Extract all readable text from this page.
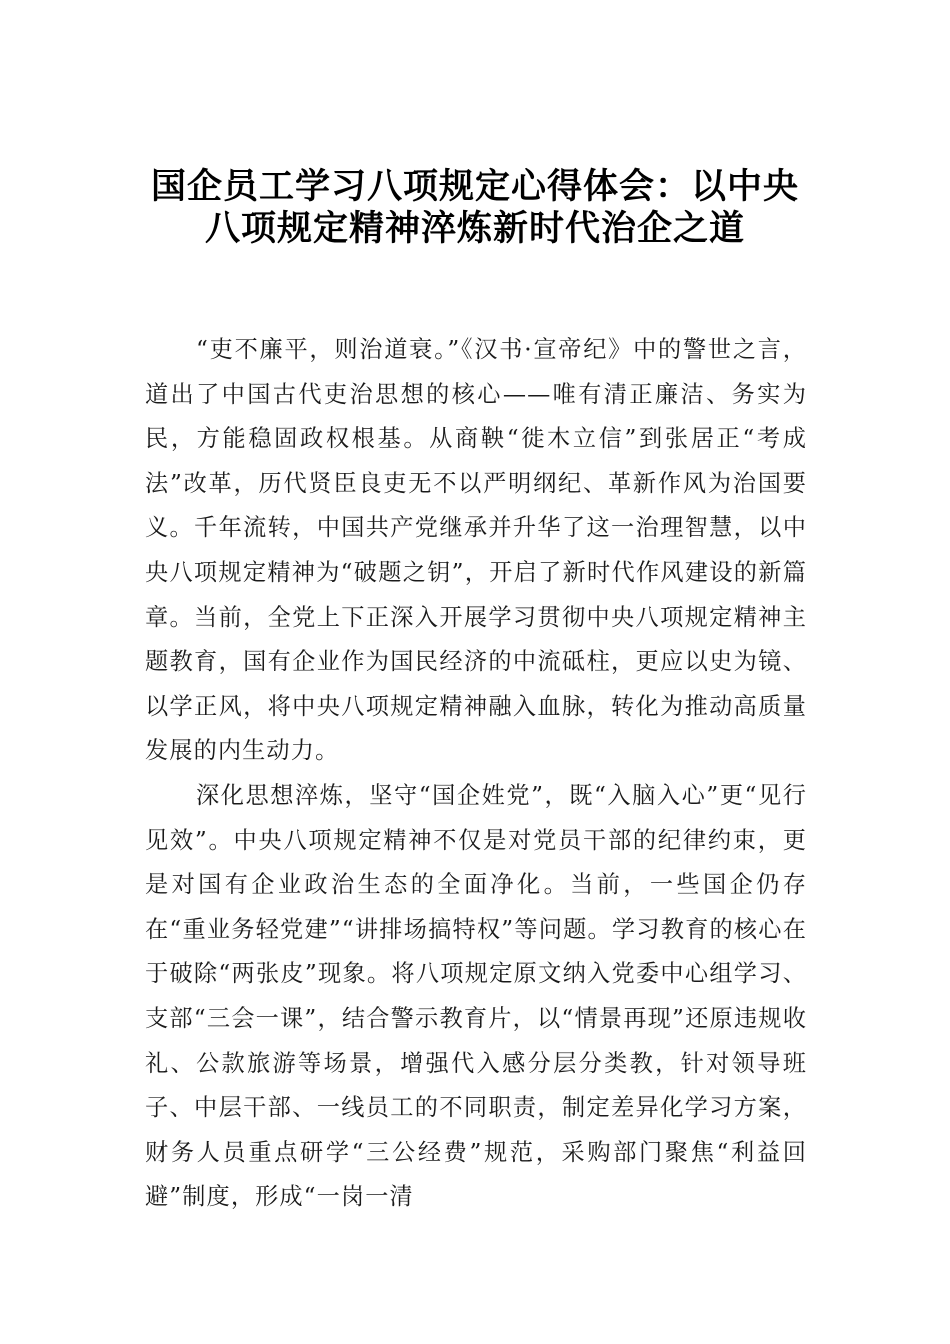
国企员工学习八项规定心得体会：以中央
八项规定精神淬炼新时代治企之道

“吏不廉平，则治道衰。”《汉书·宣帝纪》中的警世之言，道出了中国古代吏治思想的核心——唯有清正廉洁、务实为民，方能稳固政权根基。从商鞅“徙木立信”到张居正“考成法”改革，历代贤臣良吏无不以严明纲纪、革新作风为治国要义。千年流转，中国共产党继承并升华了这一治理智慧，以中央八项规定精神为“破题之钥”，开启了新时代作风建设的新篇章。当前，全党上下正深入开展学习贯彻中央八项规定精神主题教育，国有企业作为国民经济的中流砥柱，更应以史为镜、以学正风，将中央八项规定精神融入血脉，转化为推动高质量发展的内生动力。

深化思想淬炼，坚守“国企姓党”，既“入脑入心”更“见行见效”。中央八项规定精神不仅是对党员干部的纪律约束，更是对国有企业政治生态的全面净化。当前，一些国企仍存在“重业务轻党建”“讲排场搞特权”等问题。学习教育的核心在于破除“两张皮”现象。将八项规定原文纳入党委中心组学习、支部“三会一课”，结合警示教育片，以“情景再现”还原违规收礼、公款旅游等场景，增强代入感分层分类教，针对领导班子、中层干部、一线员工的不同职责，制定差异化学习方案，财务人员重点研学“三公经费”规范，采购部门聚焦“利益回避”制度，形成“一岗一清
